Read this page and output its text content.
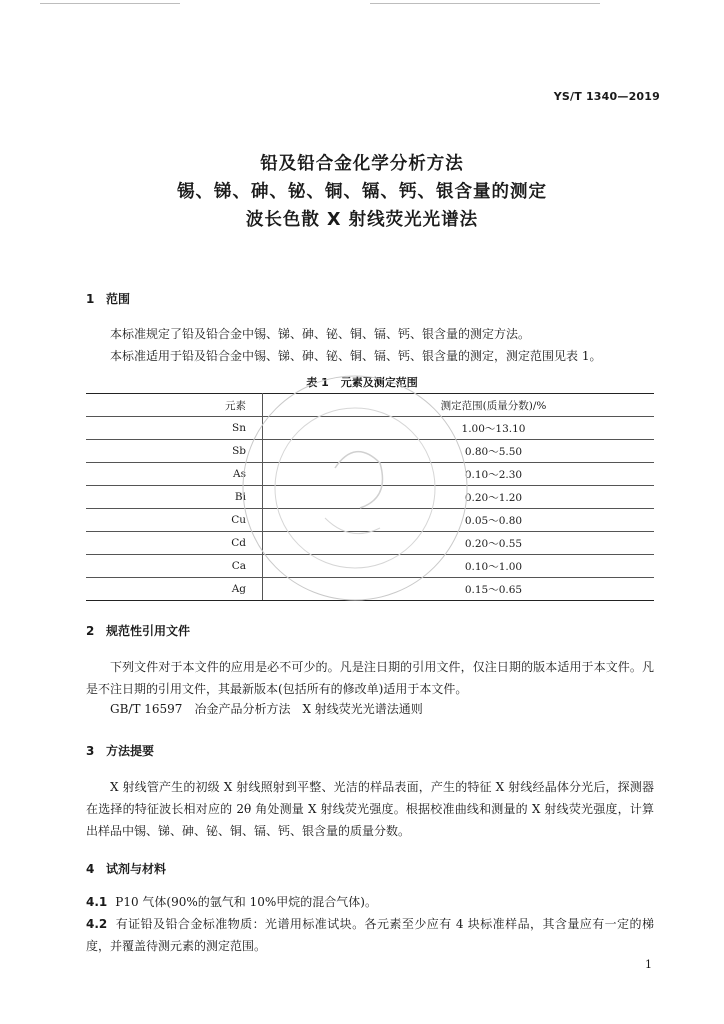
YS/T 1340—2019
铅及铅合金化学分析方法
锡、锑、砷、铋、铜、镉、钙、银含量的测定
波长色散 X 射线荧光光谱法
1 范围
本标准规定了铅及铅合金中锡、锑、砷、铋、铜、镉、钙、银含量的测定方法。
本标准适用于铅及铅合金中锡、锑、砷、铋、铜、镉、钙、银含量的测定，测定范围见表 1。
表 1 元素及测定范围
元素	测定范围(质量分数)/%
Sn	1.00～13.10
Sb	0.80～5.50
As	0.10～2.30
Bi	0.20～1.20
Cu	0.05～0.80
Cd	0.20～0.55
Ca	0.10～1.00
Ag	0.15～0.65
2 规范性引用文件
下列文件对于本文件的应用是必不可少的。凡是注日期的引用文件，仅注日期的版本适用于本文件。凡是不注日期的引用文件，其最新版本(包括所有的修改单)适用于本文件。
GB/T 16597　冶金产品分析方法　X 射线荧光光谱法通则
3 方法提要
X 射线管产生的初级 X 射线照射到平整、光洁的样品表面，产生的特征 X 射线经晶体分光后，探测器在选择的特征波长相对应的 2θ 角处测量 X 射线荧光强度。根据校准曲线和测量的 X 射线荧光强度，计算出样品中锡、锑、砷、铋、铜、镉、钙、银含量的质量分数。
4 试剂与材料
4.1 P10 气体(90%的氩气和 10%甲烷的混合气体)。
4.2 有证铅及铅合金标准物质：光谱用标准试块。各元素至少应有 4 块标准样品，其含量应有一定的梯度，并覆盖待测元素的测定范围。
1
